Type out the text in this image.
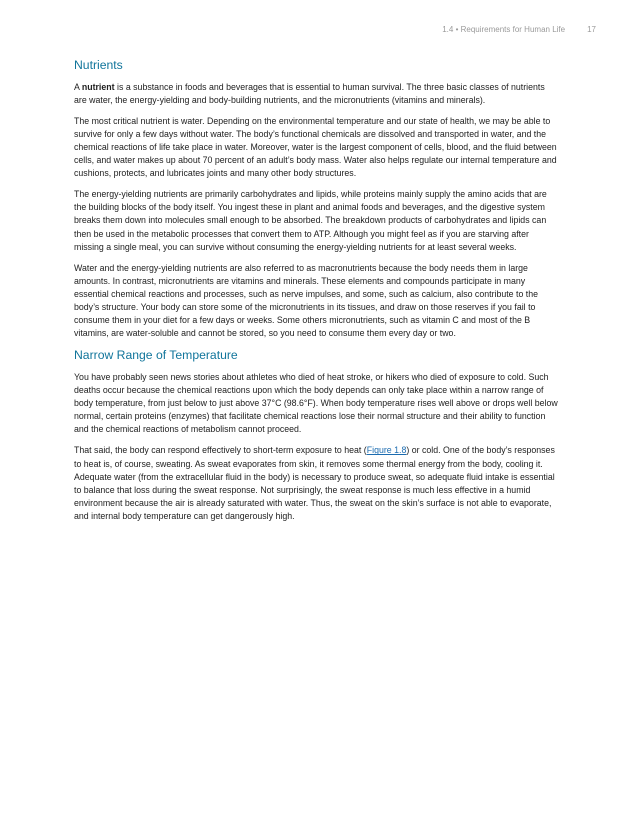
1.4 • Requirements for Human Life	17
Nutrients

A nutrient is a substance in foods and beverages that is essential to human survival. The three basic classes of nutrients are water, the energy-yielding and body-building nutrients, and the micronutrients (vitamins and minerals).

The most critical nutrient is water. Depending on the environmental temperature and our state of health, we may be able to survive for only a few days without water. The body’s functional chemicals are dissolved and transported in water, and the chemical reactions of life take place in water. Moreover, water is the largest component of cells, blood, and the fluid between cells, and water makes up about 70 percent of an adult’s body mass. Water also helps regulate our internal temperature and cushions, protects, and lubricates joints and many other body structures.

The energy-yielding nutrients are primarily carbohydrates and lipids, while proteins mainly supply the amino acids that are the building blocks of the body itself. You ingest these in plant and animal foods and beverages, and the digestive system breaks them down into molecules small enough to be absorbed. The breakdown products of carbohydrates and lipids can then be used in the metabolic processes that convert them to ATP. Although you might feel as if you are starving after missing a single meal, you can survive without consuming the energy-yielding nutrients for at least several weeks.

Water and the energy-yielding nutrients are also referred to as macronutrients because the body needs them in large amounts. In contrast, micronutrients are vitamins and minerals. These elements and compounds participate in many essential chemical reactions and processes, such as nerve impulses, and some, such as calcium, also contribute to the body’s structure. Your body can store some of the micronutrients in its tissues, and draw on those reserves if you fail to consume them in your diet for a few days or weeks. Some others micronutrients, such as vitamin C and most of the B vitamins, are water-soluble and cannot be stored, so you need to consume them every day or two.

Narrow Range of Temperature

You have probably seen news stories about athletes who died of heat stroke, or hikers who died of exposure to cold. Such deaths occur because the chemical reactions upon which the body depends can only take place within a narrow range of body temperature, from just below to just above 37°C (98.6°F). When body temperature rises well above or drops well below normal, certain proteins (enzymes) that facilitate chemical reactions lose their normal structure and their ability to function and the chemical reactions of metabolism cannot proceed.

That said, the body can respond effectively to short-term exposure to heat (Figure 1.8) or cold. One of the body’s responses to heat is, of course, sweating. As sweat evaporates from skin, it removes some thermal energy from the body, cooling it. Adequate water (from the extracellular fluid in the body) is necessary to produce sweat, so adequate fluid intake is essential to balance that loss during the sweat response. Not surprisingly, the sweat response is much less effective in a humid environment because the air is already saturated with water. Thus, the sweat on the skin’s surface is not able to evaporate, and internal body temperature can get dangerously high.
